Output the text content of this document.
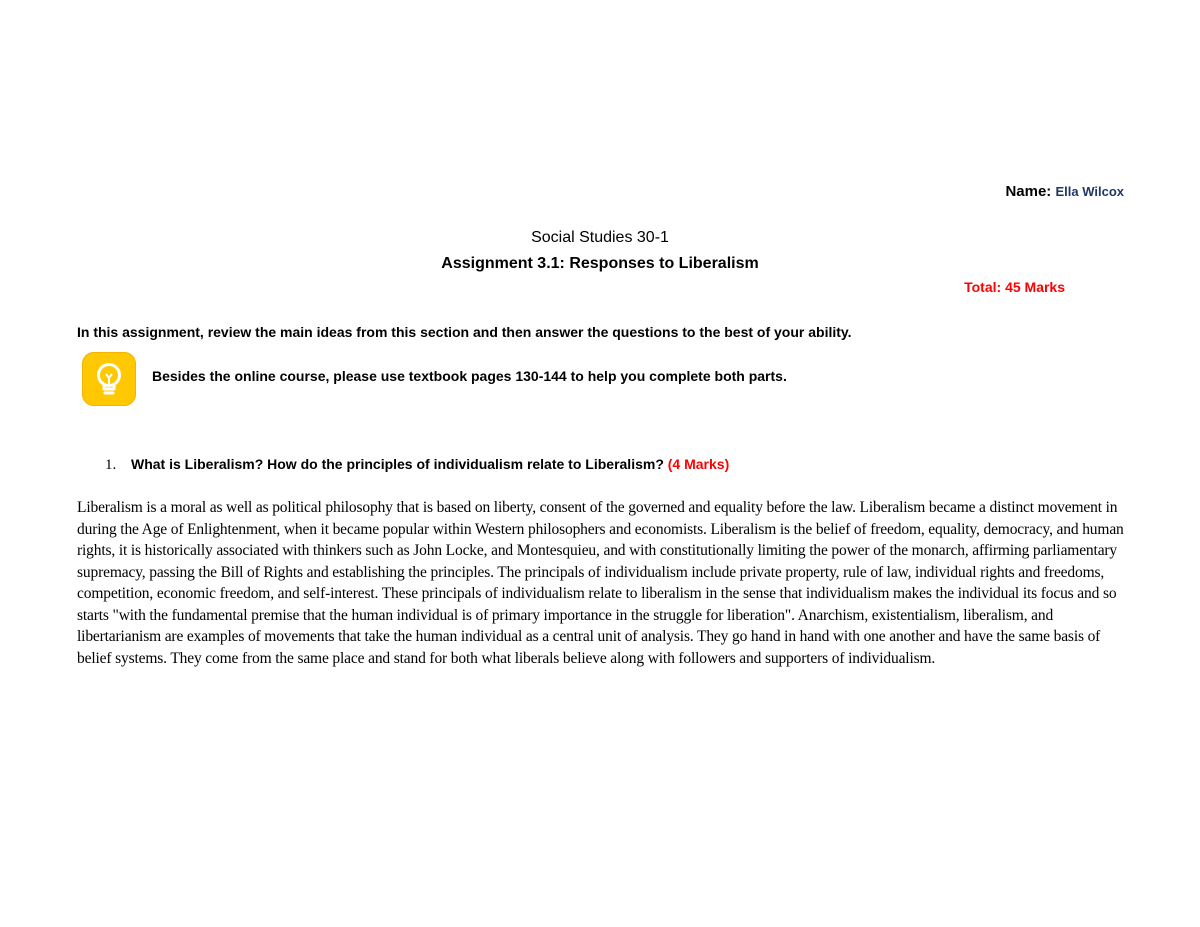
Name: Ella Wilcox
Social Studies 30-1
Assignment 3.1: Responses to Liberalism
Total: 45 Marks
In this assignment, review the main ideas from this section and then answer the questions to the best of your ability.
Besides the online course, please use textbook pages 130-144 to help you complete both parts.
1. What is Liberalism? How do the principles of individualism relate to Liberalism? (4 Marks)
Liberalism is a moral as well as political philosophy that is based on liberty, consent of the governed and equality before the law. Liberalism became a distinct movement in during the Age of Enlightenment, when it became popular within Western philosophers and economists. Liberalism is the belief of freedom, equality, democracy, and human rights, it is historically associated with thinkers such as John Locke, and Montesquieu, and with constitutionally limiting the power of the monarch, affirming parliamentary supremacy, passing the Bill of Rights and establishing the principles. The principals of individualism include private property, rule of law, individual rights and freedoms, competition, economic freedom, and self-interest. These principals of individualism relate to liberalism in the sense that individualism makes the individual its focus and so starts "with the fundamental premise that the human individual is of primary importance in the struggle for liberation". Anarchism, existentialism, liberalism, and libertarianism are examples of movements that take the human individual as a central unit of analysis. They go hand in hand with one another and have the same basis of belief systems. They come from the same place and stand for both what liberals believe along with followers and supporters of individualism.
